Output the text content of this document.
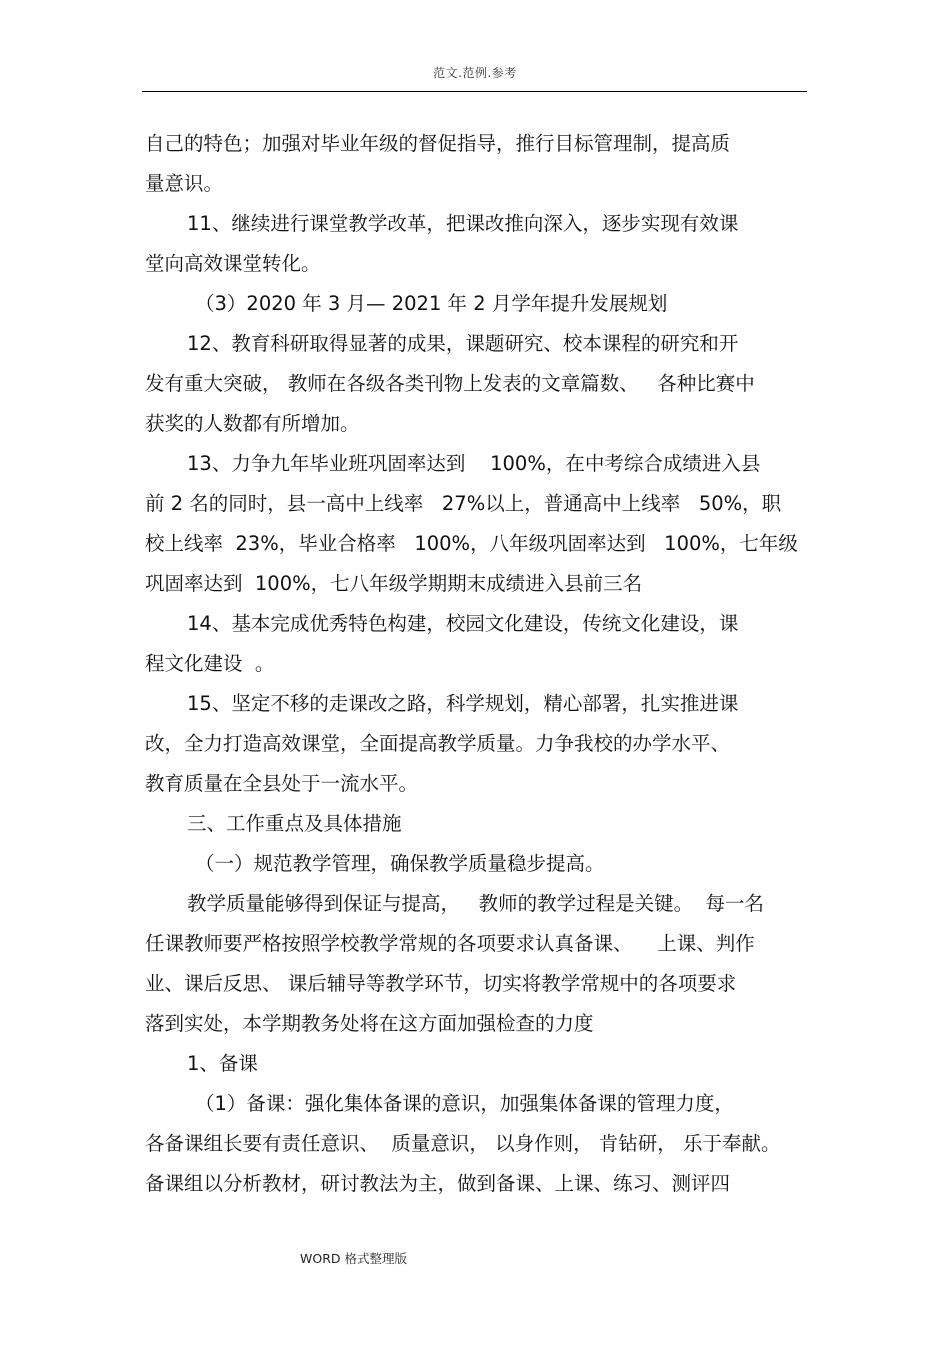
范文.范例.参考
自己的特色；加强对毕业年级的督促指导，推行目标管理制，提高质
量意识。
11、继续进行课堂教学改革，把课改推向深入，逐步实现有效课
堂向高效课堂转化。
（3）2020 年 3 月— 2021 年 2 月学年提升发展规划
12、教育科研取得显著的成果，课题研究、校本课程的研究和开
发有重大突破， 教师在各级各类刊物上发表的文章篇数、   各种比赛中
获奖的人数都有所增加。
13、力争九年毕业班巩固率达到    100%，在中考综合成绩进入县
前 2 名的同时，县一高中上线率   27%以上，普通高中上线率   50%，职
校上线率  23%，毕业合格率   100%，八年级巩固率达到   100%，七年级
巩固率达到  100%，七八年级学期期末成绩进入县前三名
14、基本完成优秀特色构建，校园文化建设，传统文化建设，课
程文化建设  。
15、坚定不移的走课改之路，科学规划，精心部署，扎实推进课
改，全力打造高效课堂，全面提高教学质量。力争我校的办学水平、
教育质量在全县处于一流水平。
三、工作重点及具体措施
（一）规范教学管理，确保教学质量稳步提高。
教学质量能够得到保证与提高，   教师的教学过程是关键。  每一名
任课教师要严格按照学校教学常规的各项要求认真备课、    上课、判作
业、课后反思、 课后辅导等教学环节，切实将教学常规中的各项要求
落到实处，本学期教务处将在这方面加强检查的力度
1、备课
（1）备课：强化集体备课的意识，加强集体备课的管理力度，
各备课组长要有责任意识、  质量意识， 以身作则， 肯钻研， 乐于奉献。
备课组以分析教材，研讨教法为主，做到备课、上课、练习、测评四
WORD 格式整理版
